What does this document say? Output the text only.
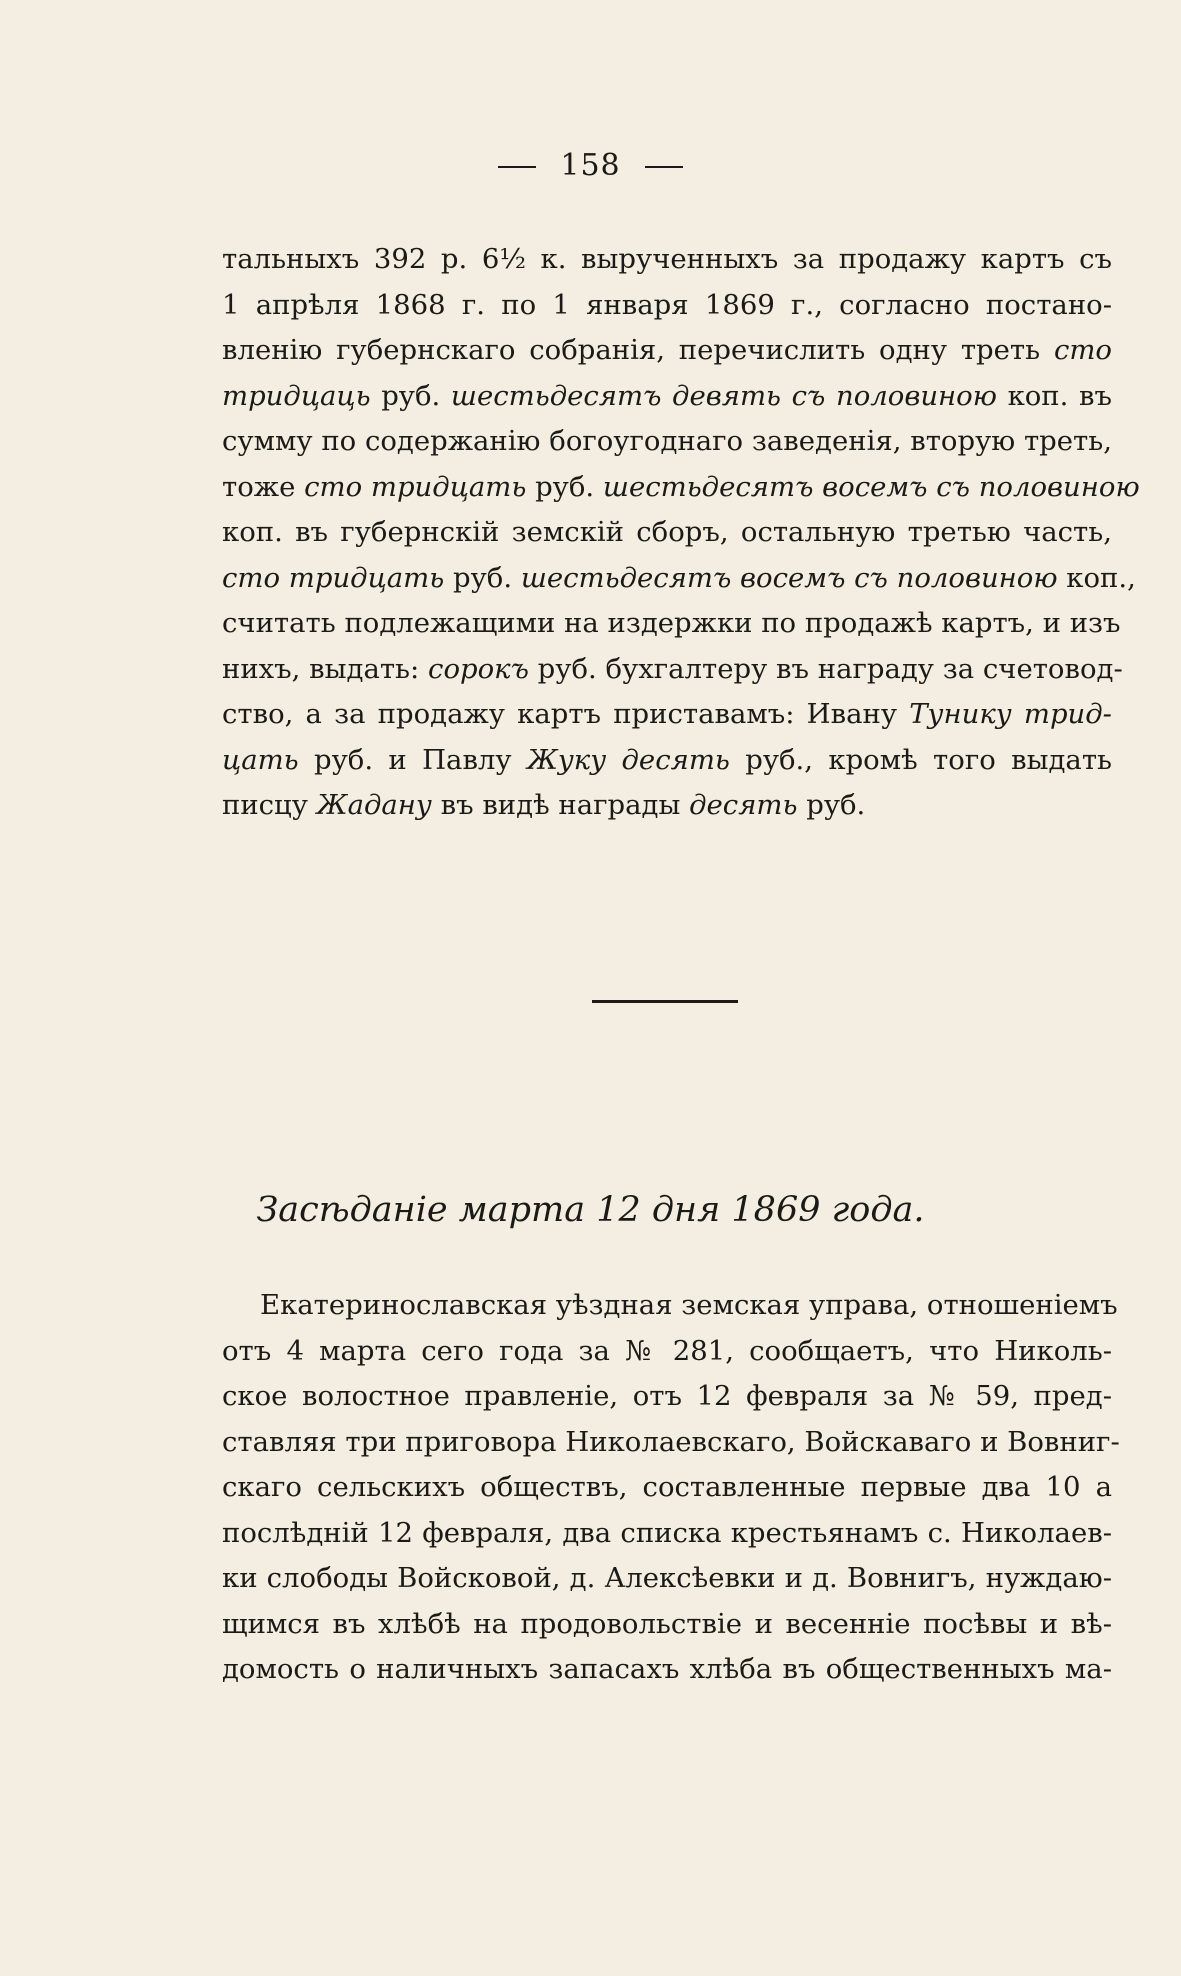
158
тальныхъ 392 р. 6½ к. вырученныхъ за продажу картъ съ
1 апрѣля 1868 г. по 1 января 1869 г., согласно постано-
вленію губернскаго собранія, перечислить одну треть сто
тридцаць руб. шестьдесятъ девять съ половиною коп. въ
сумму по содержанію богоугоднаго заведенія, вторую треть,
тоже сто тридцать руб. шестьдесятъ восемъ съ половиною
коп. въ губернскій земскій сборъ, остальную третью часть,
сто тридцать руб. шестьдесятъ восемъ съ половиною коп.,
считать подлежащими на издержки по продажѣ картъ, и изъ
нихъ, выдать: сорокъ руб. бухгалтеру въ награду за счетовод-
ство, а за продажу картъ приставамъ: Ивану Тунику трид-
цать руб. и Павлу Жуку десять руб., кромѣ того выдать
писцу Жадану въ видѣ награды десять руб.
Засѣданіе марта 12 дня 1869 года.
Екатеринославская уѣздная земская управа, отношеніемъ
отъ 4 марта сего года за № 281, сообщаетъ, что Николь-
ское волостное правленіе, отъ 12 февраля за № 59, пред-
ставляя три приговора Николаевскаго, Войскаваго и Вовниг-
скаго сельскихъ обществъ, составленные первые два 10 а
послѣдній 12 февраля, два списка крестьянамъ с. Николаев-
ки слободы Войсковой, д. Алексѣевки и д. Вовнигъ, нуждаю-
щимся въ хлѣбѣ на продовольствіе и весенніе посѣвы и вѣ-
домость о наличныхъ запасахъ хлѣба въ общественныхъ ма-
